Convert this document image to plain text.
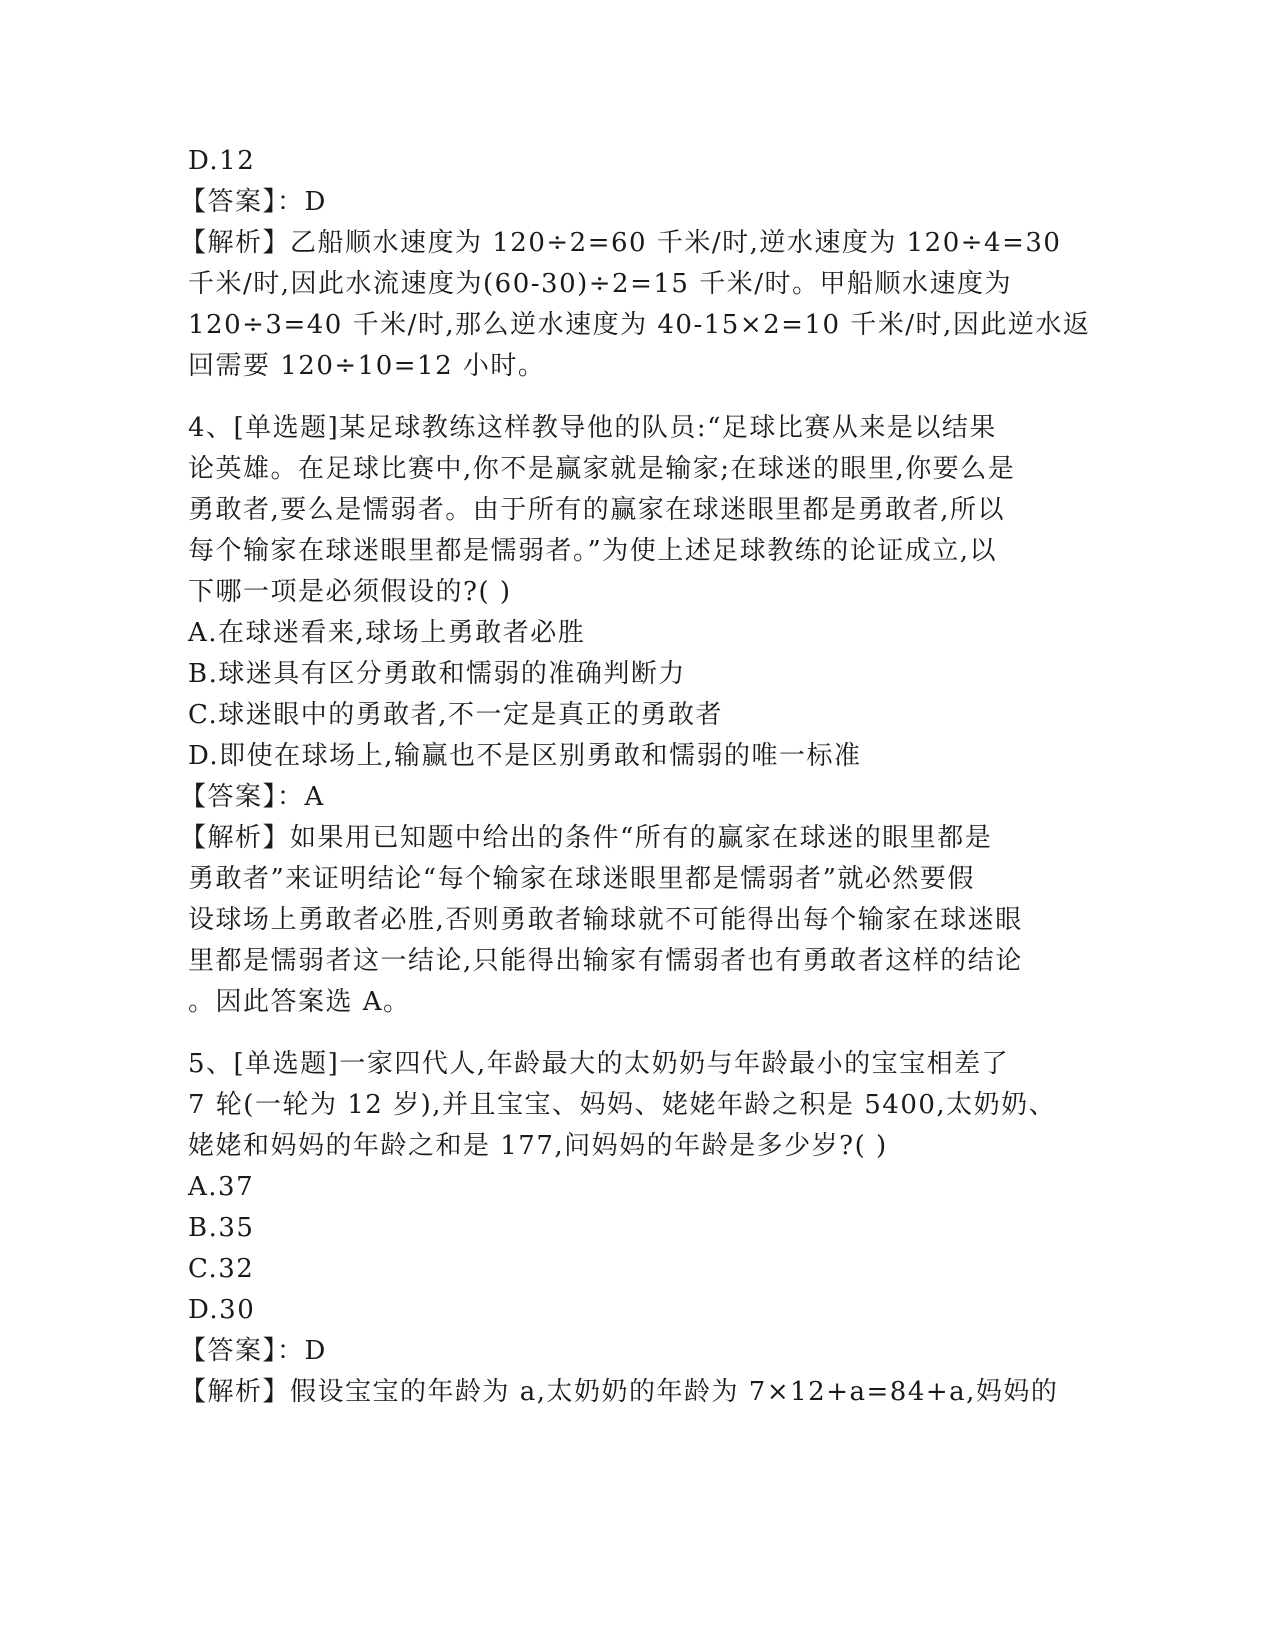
D.12
【答案】：D
【解析】乙船顺水速度为 120÷2=60 千米/时,逆水速度为 120÷4=30
千米/时,因此水流速度为(60-30)÷2=15 千米/时。甲船顺水速度为
120÷3=40 千米/时,那么逆水速度为 40-15×2=10 千米/时,因此逆水返
回需要 120÷10=12 小时。
4、[单选题]某足球教练这样教导他的队员:“足球比赛从来是以结果
论英雄。在足球比赛中,你不是赢家就是输家;在球迷的眼里,你要么是
勇敢者,要么是懦弱者。由于所有的赢家在球迷眼里都是勇敢者,所以
每个输家在球迷眼里都是懦弱者。”为使上述足球教练的论证成立,以
下哪一项是必须假设的?( )
A.在球迷看来,球场上勇敢者必胜
B.球迷具有区分勇敢和懦弱的准确判断力
C.球迷眼中的勇敢者,不一定是真正的勇敢者
D.即使在球场上,输赢也不是区别勇敢和懦弱的唯一标准
【答案】：A
【解析】如果用已知题中给出的条件“所有的赢家在球迷的眼里都是
勇敢者”来证明结论“每个输家在球迷眼里都是懦弱者”就必然要假
设球场上勇敢者必胜,否则勇敢者输球就不可能得出每个输家在球迷眼
里都是懦弱者这一结论,只能得出输家有懦弱者也有勇敢者这样的结论
。因此答案选 A。
5、[单选题]一家四代人,年龄最大的太奶奶与年龄最小的宝宝相差了
7 轮(一轮为 12 岁),并且宝宝、妈妈、姥姥年龄之积是 5400,太奶奶、
姥姥和妈妈的年龄之和是 177,问妈妈的年龄是多少岁?( )
A.37
B.35
C.32
D.30
【答案】：D
【解析】假设宝宝的年龄为 a,太奶奶的年龄为 7×12+a=84+a,妈妈的
